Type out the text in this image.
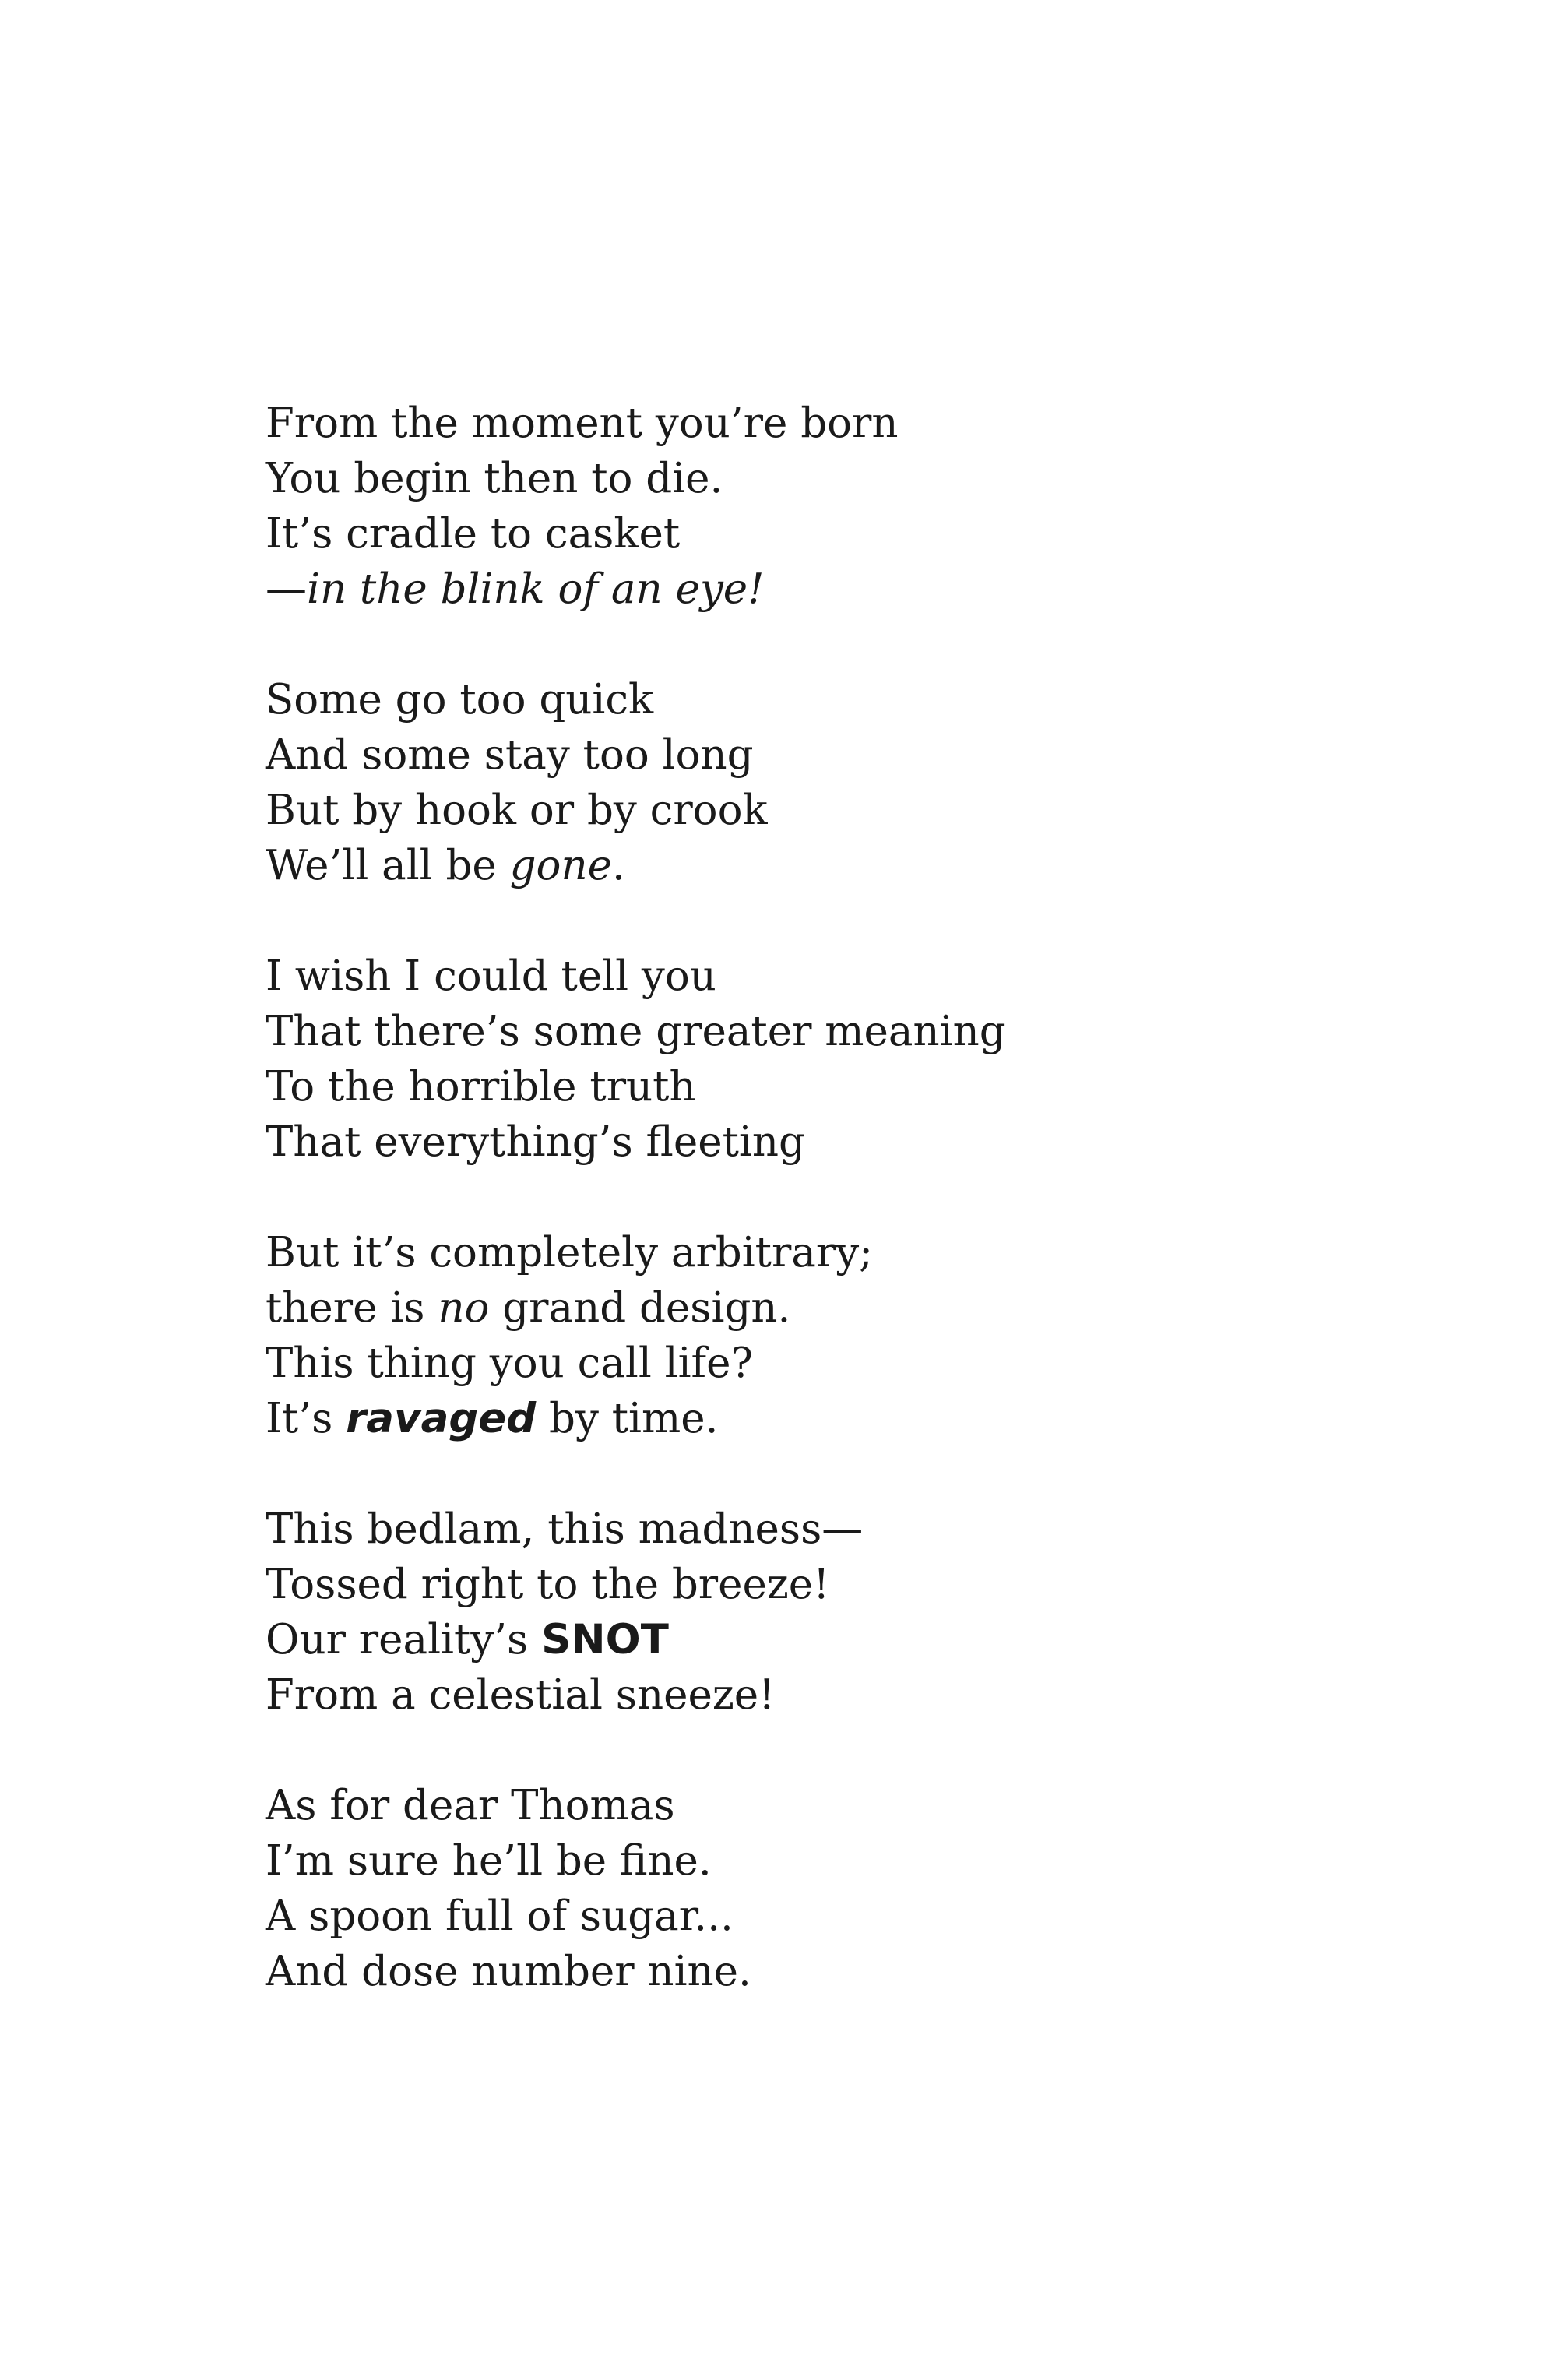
From the moment you’re born
You begin then to die.
It’s cradle to casket
—in the blink of an eye!
Some go too quick
And some stay too long
But by hook or by crook
We’ll all be gone.
I wish I could tell you
That there’s some greater meaning
To the horrible truth
That everything’s fleeting
But it’s completely arbitrary;
there is no grand design.
This thing you call life?
It’s ravaged by time.
This bedlam, this madness—
Tossed right to the breeze!
Our reality’s SNOT
From a celestial sneeze!
As for dear Thomas
I’m sure he’ll be fine.
A spoon full of sugar...
And dose number nine.
